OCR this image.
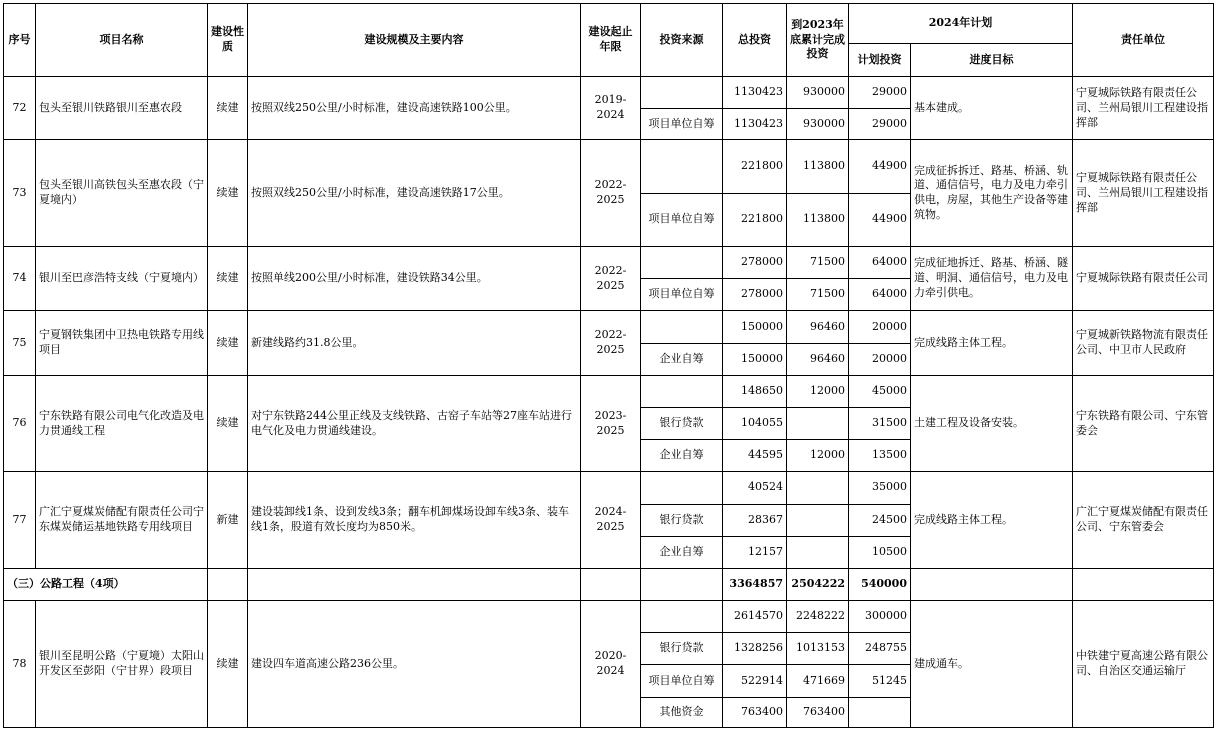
序号	项目名称	建设性质	建设规模及主要内容	建设起止年限	投资来源	总投资	到2023年底累计完成投资	2024年计划		责任单位
								计划投资	进度目标	
72	包头至银川铁路银川至惠农段	续建	按照双线250公里/小时标准，建设高速铁路100公里。	2019-2024		1130423	930000	29000	基本建成。	宁夏城际铁路有限责任公司、兰州局银川工程建设指挥部
					项目单位自筹	1130423	930000	29000		
73	包头至银川高铁包头至惠农段（宁夏境内）	续建	按照双线250公里/小时标准，建设高速铁路17公里。	2022-2025		221800	113800	44900	完成征拆拆迁、路基、桥涵、轨道、通信信号，电力及电力牵引供电，房屋，其他生产设备等建筑物。	宁夏城际铁路有限责任公司、兰州局银川工程建设指挥部
					项目单位自筹	221800	113800	44900		
74	银川至巴彦浩特支线（宁夏境内）	续建	按照单线200公里/小时标准，建设铁路34公里。	2022-2025		278000	71500	64000	完成征地拆迁、路基、桥涵、隧道、明洞、通信信号，电力及电力牵引供电。	宁夏城际铁路有限责任公司
					项目单位自筹	278000	71500	64000		
75	宁夏钢铁集团中卫热电铁路专用线项目	续建	新建线路约31.8公里。	2022-2025		150000	96460	20000	完成线路主体工程。	宁夏城新铁路物流有限责任公司、中卫市人民政府
					企业自筹	150000	96460	20000		
76	宁东铁路有限公司电气化改造及电力贯通线工程	续建	对宁东铁路244公里正线及支线铁路、古窑子车站等27座车站进行电气化及电力贯通线建设。	2023-2025		148650	12000	45000	土建工程及设备安装。	宁东铁路有限公司、宁东管委会
					银行贷款	104055		31500		
					企业自筹	44595	12000	13500		
77	广汇宁夏煤炭储配有限责任公司宁东煤炭储运基地铁路专用线项目	新建	建设装卸线1条、设到发线3条；翻车机卸煤场设卸车线3条、装车线1条，股道有效长度均为850米。	2024-2025		40524		35000	完成线路主体工程。	广汇宁夏煤炭储配有限责任公司、宁东管委会
					银行贷款	28367		24500		
					企业自筹	12157		10500		
（三）公路工程（4项）						3364857	2504222	540000		
78	银川至昆明公路（宁夏境）太阳山开发区至彭阳（宁甘界）段项目	续建	建设四车道高速公路236公里。	2020-2024		2614570	2248222	300000	建成通车。	中铁建宁夏高速公路有限公司、自治区交通运输厅
					银行贷款	1328256	1013153	248755		
					项目单位自筹	522914	471669	51245		
					其他资金	763400	763400			
